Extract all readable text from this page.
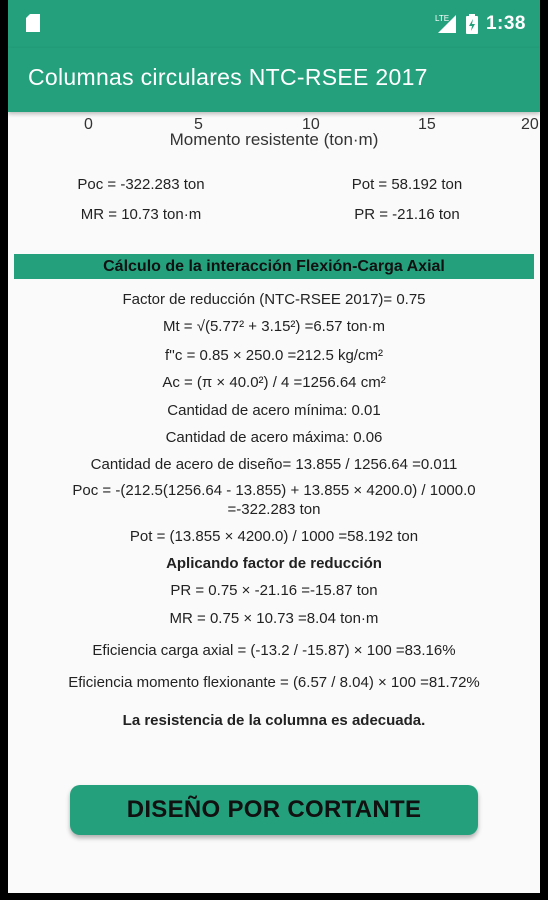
LTE 1:38
Columnas circulares NTC-RSEE 2017
0	5	10	15	20
Momento resistente (ton·m)
Poc = -322.283 ton	Pot = 58.192 ton
MR = 10.73 ton·m	PR = -21.16 ton
Cálculo de la interacción Flexión-Carga Axial
Factor de reducción (NTC-RSEE 2017)= 0.75
Mt = √(5.77² + 3.15²) =6.57 ton·m
f''c = 0.85 × 250.0 =212.5 kg/cm²
Ac = (π × 40.0²) / 4 =1256.64 cm²
Cantidad de acero mínima: 0.01
Cantidad de acero máxima: 0.06
Cantidad de acero de diseño= 13.855 / 1256.64 =0.011
Poc = -(212.5(1256.64 - 13.855) + 13.855 × 4200.0) / 1000.0
=-322.283 ton
Pot = (13.855 × 4200.0) / 1000 =58.192 ton
Aplicando factor de reducción
PR = 0.75 × -21.16 =-15.87 ton
MR = 0.75 × 10.73 =8.04 ton·m
Eficiencia carga axial = (-13.2 / -15.87) × 100 =83.16%
Eficiencia momento flexionante = (6.57 / 8.04) × 100 =81.72%
La resistencia de la columna es adecuada.
DISEÑO POR CORTANTE
